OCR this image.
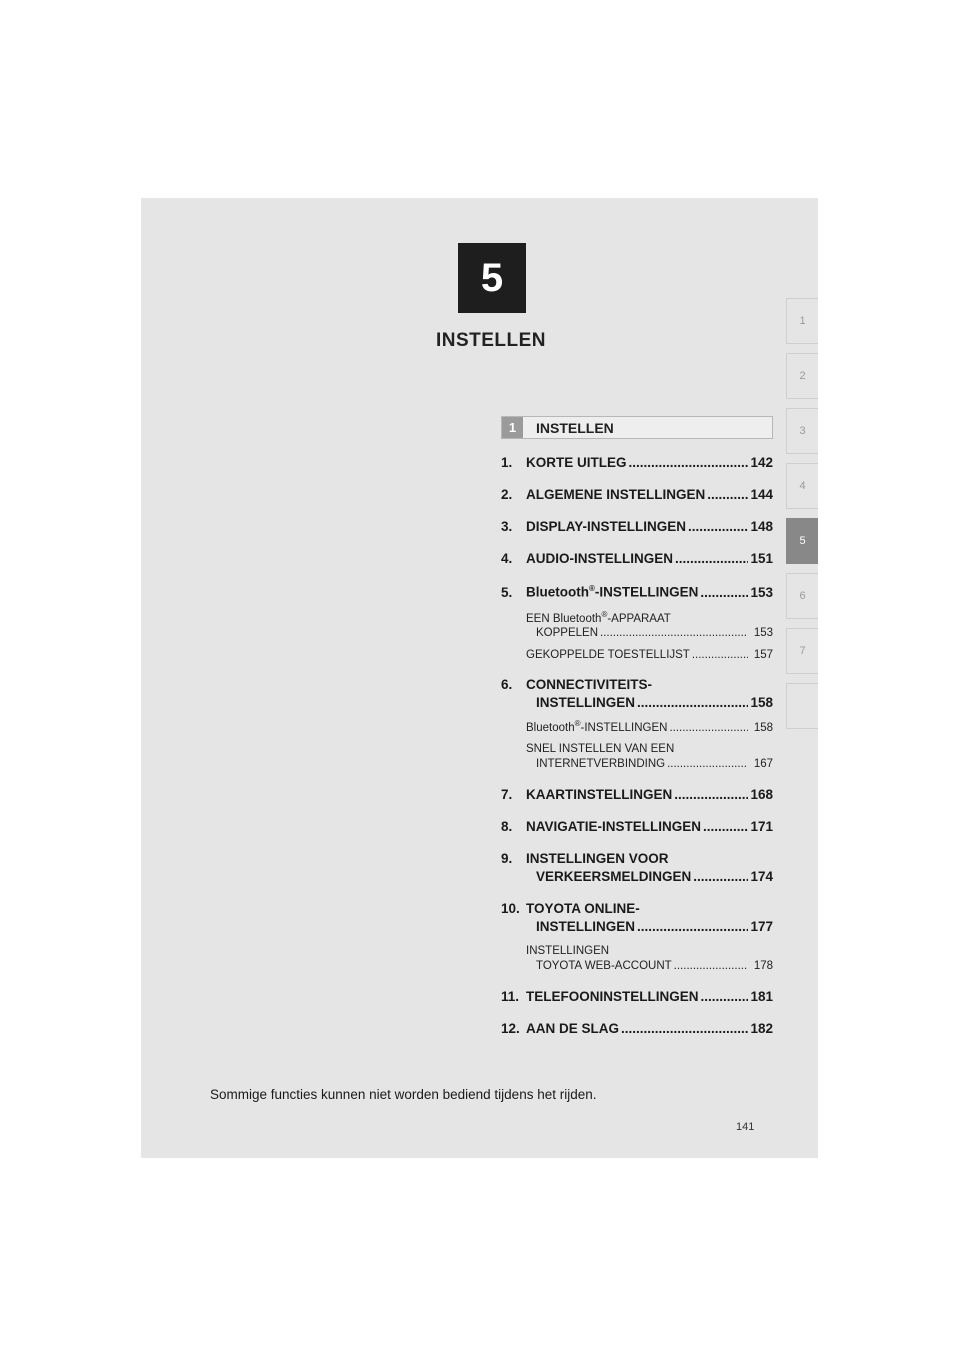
5
INSTELLEN
1
2
3
4
5
6
7
1	INSTELLEN
1.	KORTE UITLEG .....	142
2.	ALGEMENE INSTELLINGEN .....	144
3.	DISPLAY-INSTELLINGEN .....	148
4.	AUDIO-INSTELLINGEN .....	151
5.	Bluetooth®-INSTELLINGEN .....	153
EEN Bluetooth®-APPARAAT
KOPPELEN .....	153
GEKOPPELDE TOESTELLIJST .....	157
6.	CONNECTIVITEITS-
INSTELLINGEN .....	158
Bluetooth®-INSTELLINGEN .....	158
SNEL INSTELLEN VAN EEN
INTERNETVERBINDING .....	167
7.	KAARTINSTELLINGEN .....	168
8.	NAVIGATIE-INSTELLINGEN .....	171
9.	INSTELLINGEN VOOR
VERKEERSMELDINGEN .....	174
10. TOYOTA ONLINE-
INSTELLINGEN .....	177
INSTELLINGEN
TOYOTA WEB-ACCOUNT .....	178
11. TELEFOONINSTELLINGEN .....	181
12. AAN DE SLAG .....	182
Sommige functies kunnen niet worden bediend tijdens het rijden.
141
